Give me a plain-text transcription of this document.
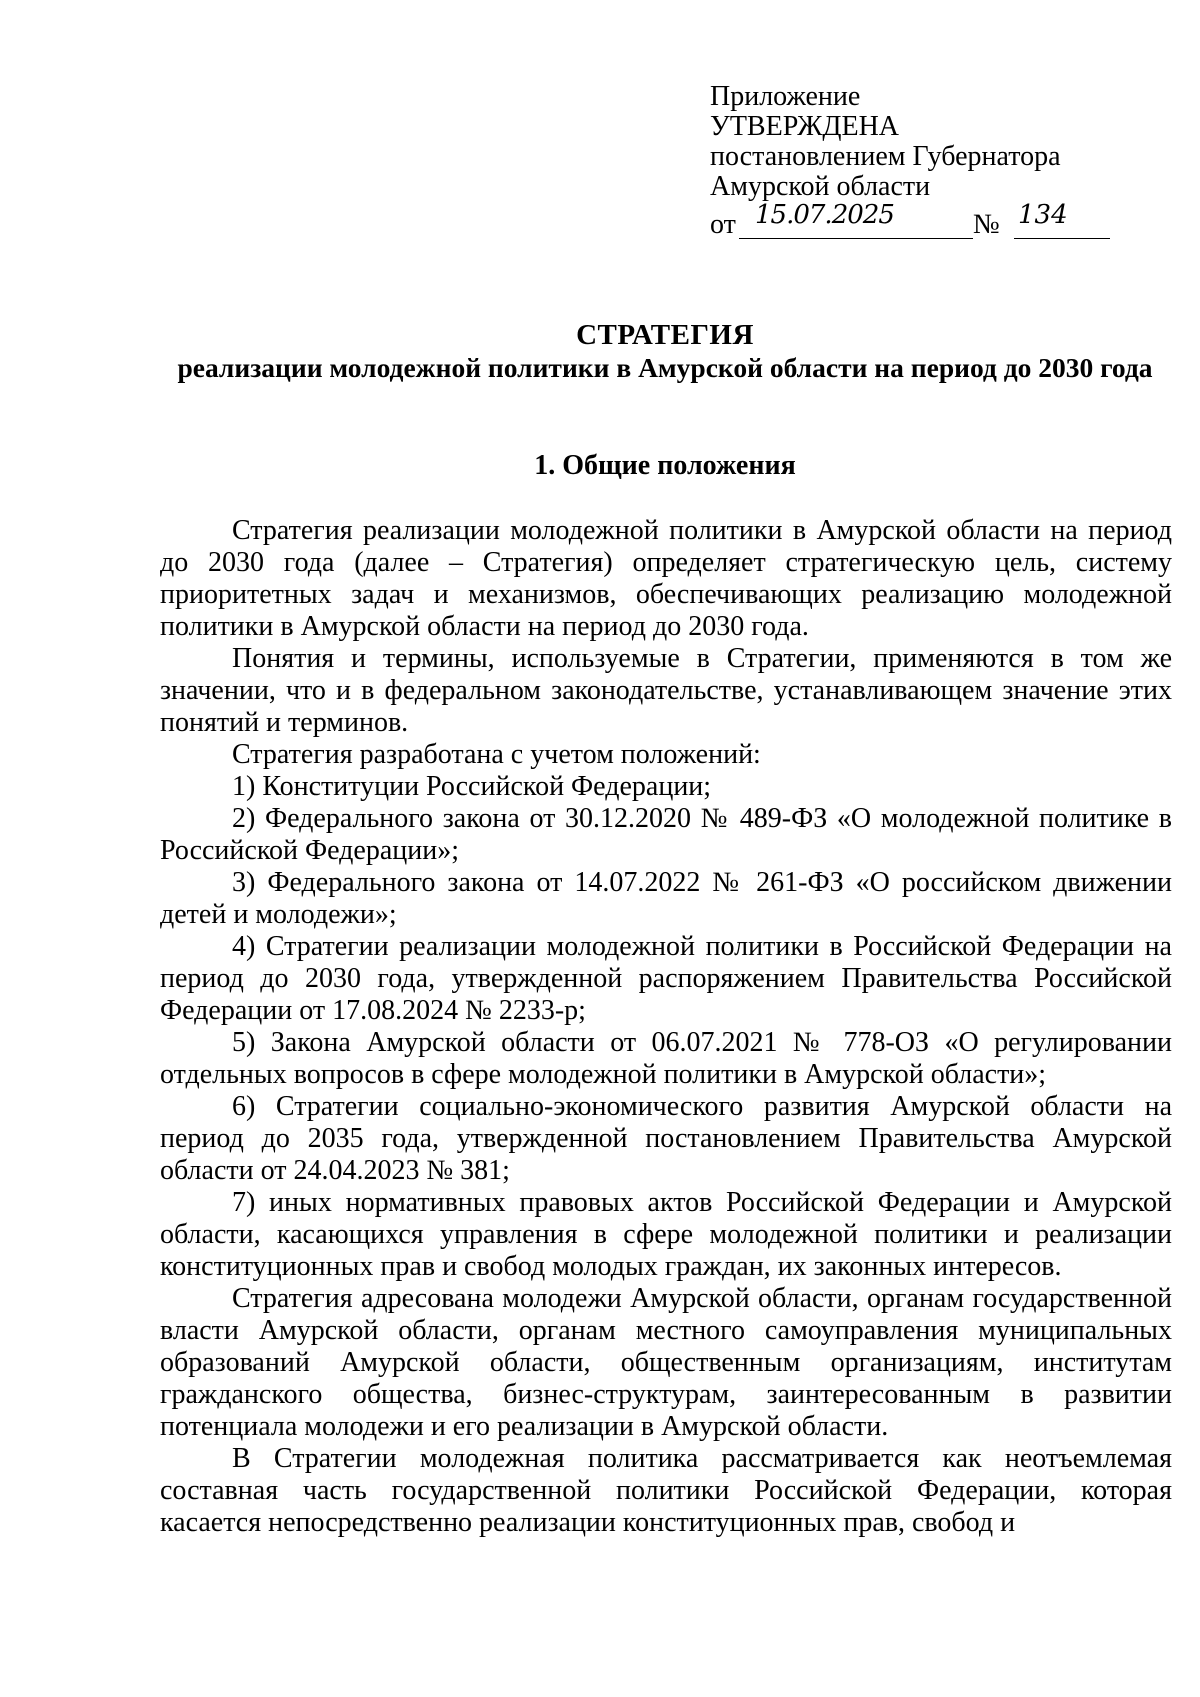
Приложение
УТВЕРЖДЕНА
постановлением Губернатора
Амурской области
от 15.07.2025	№ 134
СТРАТЕГИЯ
реализации молодежной политики в Амурской области на период до 2030 года
1. Общие положения

Стратегия реализации молодежной политики в Амурской области на период до 2030 года (далее – Стратегия) определяет стратегическую цель, систему приоритетных задач и механизмов, обеспечивающих реализацию молодежной политики в Амурской области на период до 2030 года.

Понятия и термины, используемые в Стратегии, применяются в том же значении, что и в федеральном законодательстве, устанавливающем значение этих понятий и терминов.

Стратегия разработана с учетом положений:

1) Конституции Российской Федерации;

2) Федерального закона от 30.12.2020 № 489-ФЗ «О молодежной политике в Российской Федерации»;

3) Федерального закона от 14.07.2022 № 261-ФЗ «О российском движении детей и молодежи»;

4) Стратегии реализации молодежной политики в Российской Федерации на период до 2030 года, утвержденной распоряжением Правительства Российской Федерации от 17.08.2024 № 2233-р;

5) Закона Амурской области от 06.07.2021 № 778-ОЗ «О регулировании отдельных вопросов в сфере молодежной политики в Амурской области»;

6) Стратегии социально-экономического развития Амурской области на период до 2035 года, утвержденной постановлением Правительства Амурской области от 24.04.2023 № 381;

7) иных нормативных правовых актов Российской Федерации и Амурской области, касающихся управления в сфере молодежной политики и реализации конституционных прав и свобод молодых граждан, их законных интересов.

Стратегия адресована молодежи Амурской области, органам государственной власти Амурской области, органам местного самоуправления муниципальных образований Амурской области, общественным организациям, институтам гражданского общества, бизнес-структурам, заинтересованным в развитии потенциала молодежи и его реализации в Амурской области.

В Стратегии молодежная политика рассматривается как неотъемлемая составная часть государственной политики Российской Федерации, которая касается непосредственно реализации конституционных прав, свобод и
